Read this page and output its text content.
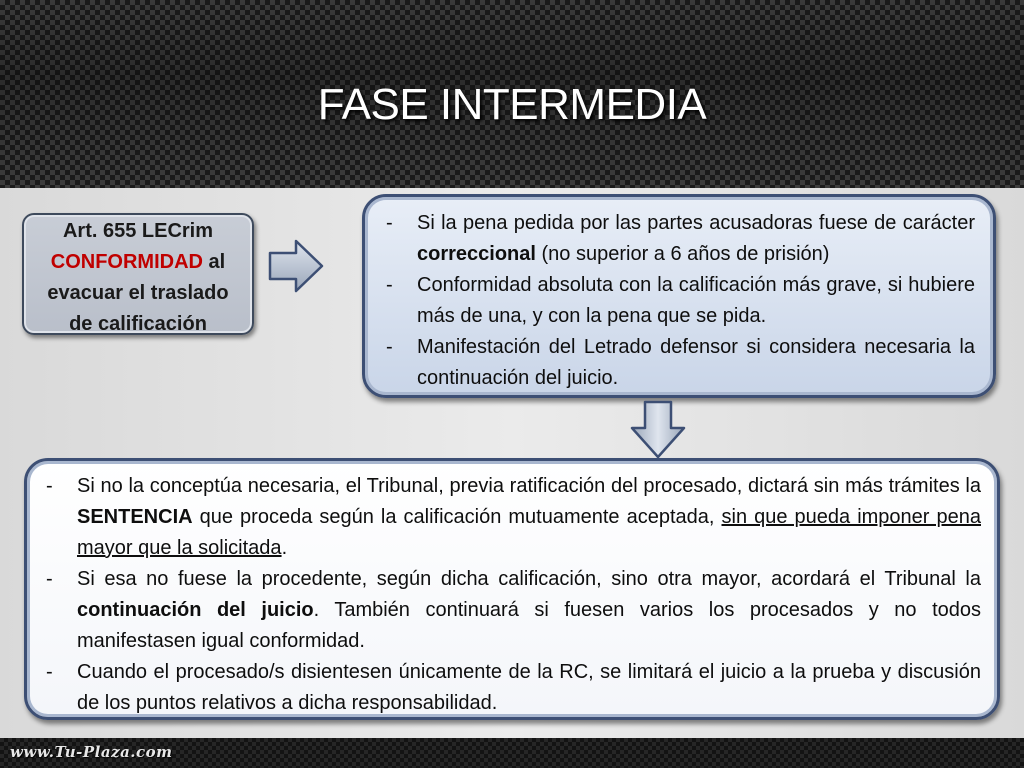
FASE INTERMEDIA
Art. 655 LECrim
CONFORMIDAD al
evacuar el traslado
de calificación
- Si la pena pedida por las partes acusadoras fuese de carácter correccional (no superior a 6 años de prisión)
- Conformidad absoluta con la calificación más grave, si hubiere más de una, y con la pena que se pida.
- Manifestación del Letrado defensor si considera necesaria la continuación del juicio.
- Si no la conceptúa necesaria, el Tribunal, previa ratificación del procesado, dictará sin más trámites la SENTENCIA que proceda según la calificación mutuamente aceptada, sin que pueda imponer pena mayor que la solicitada.
- Si esa no fuese la procedente, según dicha calificación, sino otra mayor, acordará el Tribunal la continuación del juicio. También continuará si fuesen varios los procesados y no todos manifestasen igual conformidad.
- Cuando el procesado/s disientesen únicamente de la RC, se limitará el juicio a la prueba y discusión de los puntos relativos a dicha responsabilidad.
www.Tu-Plaza.com
